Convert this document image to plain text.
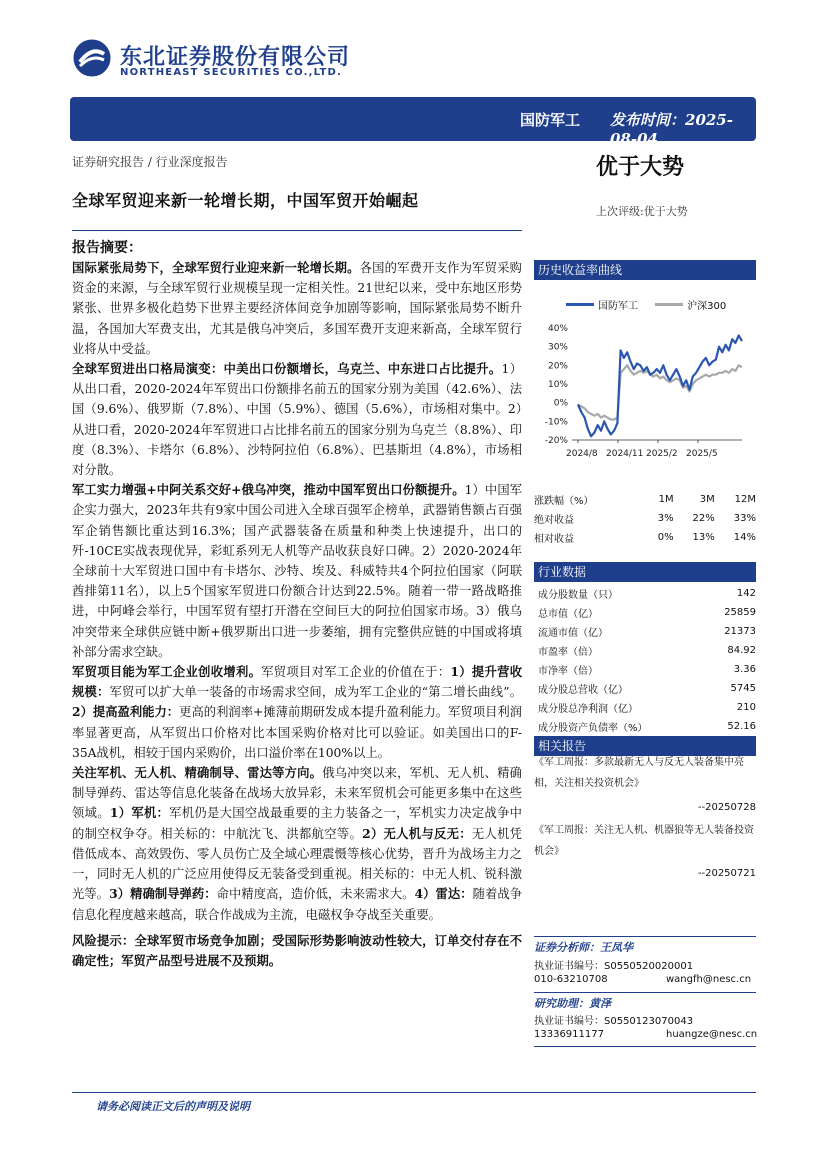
东北证券股份有限公司
NORTHEAST SECURITIES CO.,LTD.
国防军工 发布时间：2025-08-04
证券研究报告 / 行业深度报告	优于大势
全球军贸迎来新一轮增长期，中国军贸开始崛起
上次评级:优于大势
报告摘要：

国际紧张局势下，全球军贸行业迎来新一轮增长期。各国的军费开支作为军贸采购资金的来源，与全球军贸行业规模呈现一定相关性。21世纪以来，受中东地区形势紧张、世界多极化趋势下世界主要经济体间竞争加剧等影响，国际紧张局势不断升温，各国加大军费支出，尤其是俄乌冲突后，多国军费开支迎来新高，全球军贸行业将从中受益。

全球军贸进出口格局演变：中美出口份额增长，乌克兰、中东进口占比提升。1）从出口看，2020-2024年军贸出口份额排名前五的国家分别为美国（42.6%）、法国（9.6%）、俄罗斯（7.8%）、中国（5.9%）、德国（5.6%），市场相对集中。2）从进口看，2020-2024年军贸进口占比排名前五的国家分别为乌克兰（8.8%）、印度（8.3%）、卡塔尔（6.8%）、沙特阿拉伯（6.8%）、巴基斯坦（4.8%），市场相对分散。

军工实力增强+中阿关系交好+俄乌冲突，推动中国军贸出口份额提升。1）中国军企实力强大，2023年共有9家中国公司进入全球百强军企榜单，武器销售额占百强军企销售额比重达到16.3%；国产武器装备在质量和种类上快速提升，出口的歼-10CE实战表现优异，彩虹系列无人机等产品收获良好口碑。2）2020-2024年全球前十大军贸进口国中有卡塔尔、沙特、埃及、科威特共4个阿拉伯国家（阿联酋排第11名），以上5个国家军贸进口份额合计达到22.5%。随着一带一路战略推进，中阿峰会举行，中国军贸有望打开潜在空间巨大的阿拉伯国家市场。3）俄乌冲突带来全球供应链中断+俄罗斯出口进一步萎缩，拥有完整供应链的中国或将填补部分需求空缺。

军贸项目能为军工企业创收增利。军贸项目对军工企业的价值在于：1）提升营收规模：军贸可以扩大单一装备的市场需求空间，成为军工企业的“第二增长曲线”。2）提高盈利能力：更高的利润率+摊薄前期研发成本提升盈利能力。军贸项目利润率显著更高，从军贸出口价格对比本国采购价格对比可以验证。如美国出口的F-35A战机，相较于国内采购价，出口溢价率在100%以上。

关注军机、无人机、精确制导、雷达等方向。俄乌冲突以来，军机、无人机、精确制导弹药、雷达等信息化装备在战场大放异彩，未来军贸机会可能更多集中在这些领域。1）军机：军机仍是大国空战最重要的主力装备之一，军机实力决定战争中的制空权争夺。相关标的：中航沈飞、洪都航空等。2）无人机与反无：无人机凭借低成本、高效毁伤、零人员伤亡及全域心理震慑等核心优势，晋升为战场主力之一，同时无人机的广泛应用使得反无装备受到重视。相关标的：中无人机、锐科激光等。3）精确制导弹药：命中精度高，造价低，未来需求大。4）雷达：随着战争信息化程度越来越高，联合作战成为主流，电磁权争夺战至关重要。

风险提示：全球军贸市场竞争加剧；受国际形势影响波动性较大，订单交付存在不确定性；军贸产品型号进展不及预期。

历史收益率曲线
国防军工	沪深300
40%
30%
20%
10%
0%
-10%
-20%
2024/8 2024/11 2025/2 2025/5
涨跌幅（%）	1M	3M	12M
绝对收益	3%	22%	33%
相对收益	0%	13%	14%
行业数据
成分股数量（只）	142
总市值（亿）	25859
流通市值（亿）	21373
市盈率（倍）	84.92
市净率（倍）	3.36
成分股总营收（亿）	5745
成分股总净利润（亿）	210
成分股资产负债率（%）	52.16
相关报告
《军工周报：多款最新无人与反无人装备集中亮相，关注相关投资机会》
--20250728
《军工周报：关注无人机、机器狼等无人装备投资机会》
--20250721
证券分析师：王凤华
执业证书编号：S0550520020001
010-63210708	wangfh@nesc.cn
研究助理：黄泽
执业证书编号：S0550123070043
13336911177	huangze@nesc.cn
请务必阅读正文后的声明及说明
